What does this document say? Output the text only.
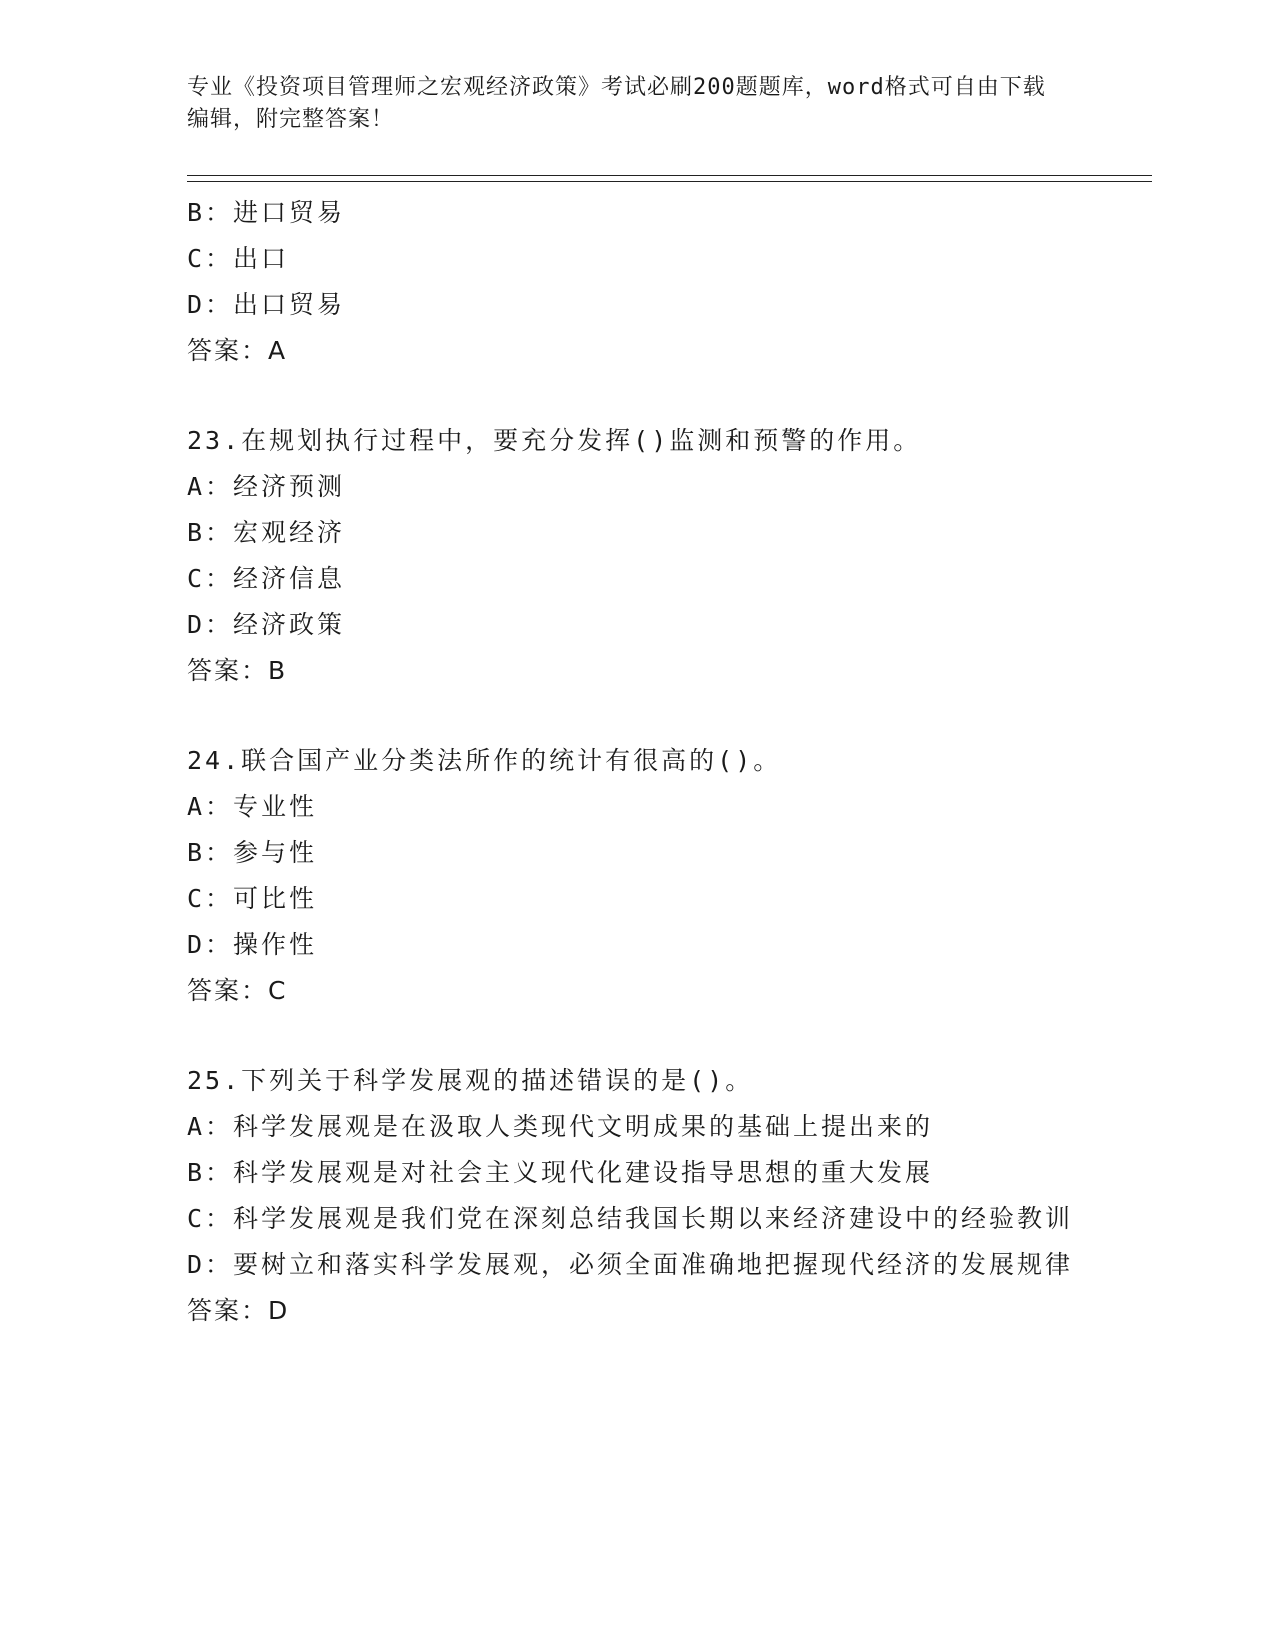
专业《投资项目管理师之宏观经济政策》考试必刷200题题库，word格式可自由下载编辑，附完整答案！
B：进口贸易
C：出口
D：出口贸易
答案：A
23.在规划执行过程中，要充分发挥()监测和预警的作用。
A：经济预测
B：宏观经济
C：经济信息
D：经济政策
答案：B
24.联合国产业分类法所作的统计有很高的()。
A：专业性
B：参与性
C：可比性
D：操作性
答案：C
25.下列关于科学发展观的描述错误的是()。
A：科学发展观是在汲取人类现代文明成果的基础上提出来的
B：科学发展观是对社会主义现代化建设指导思想的重大发展
C：科学发展观是我们党在深刻总结我国长期以来经济建设中的经验教训
D：要树立和落实科学发展观，必须全面准确地把握现代经济的发展规律
答案：D
